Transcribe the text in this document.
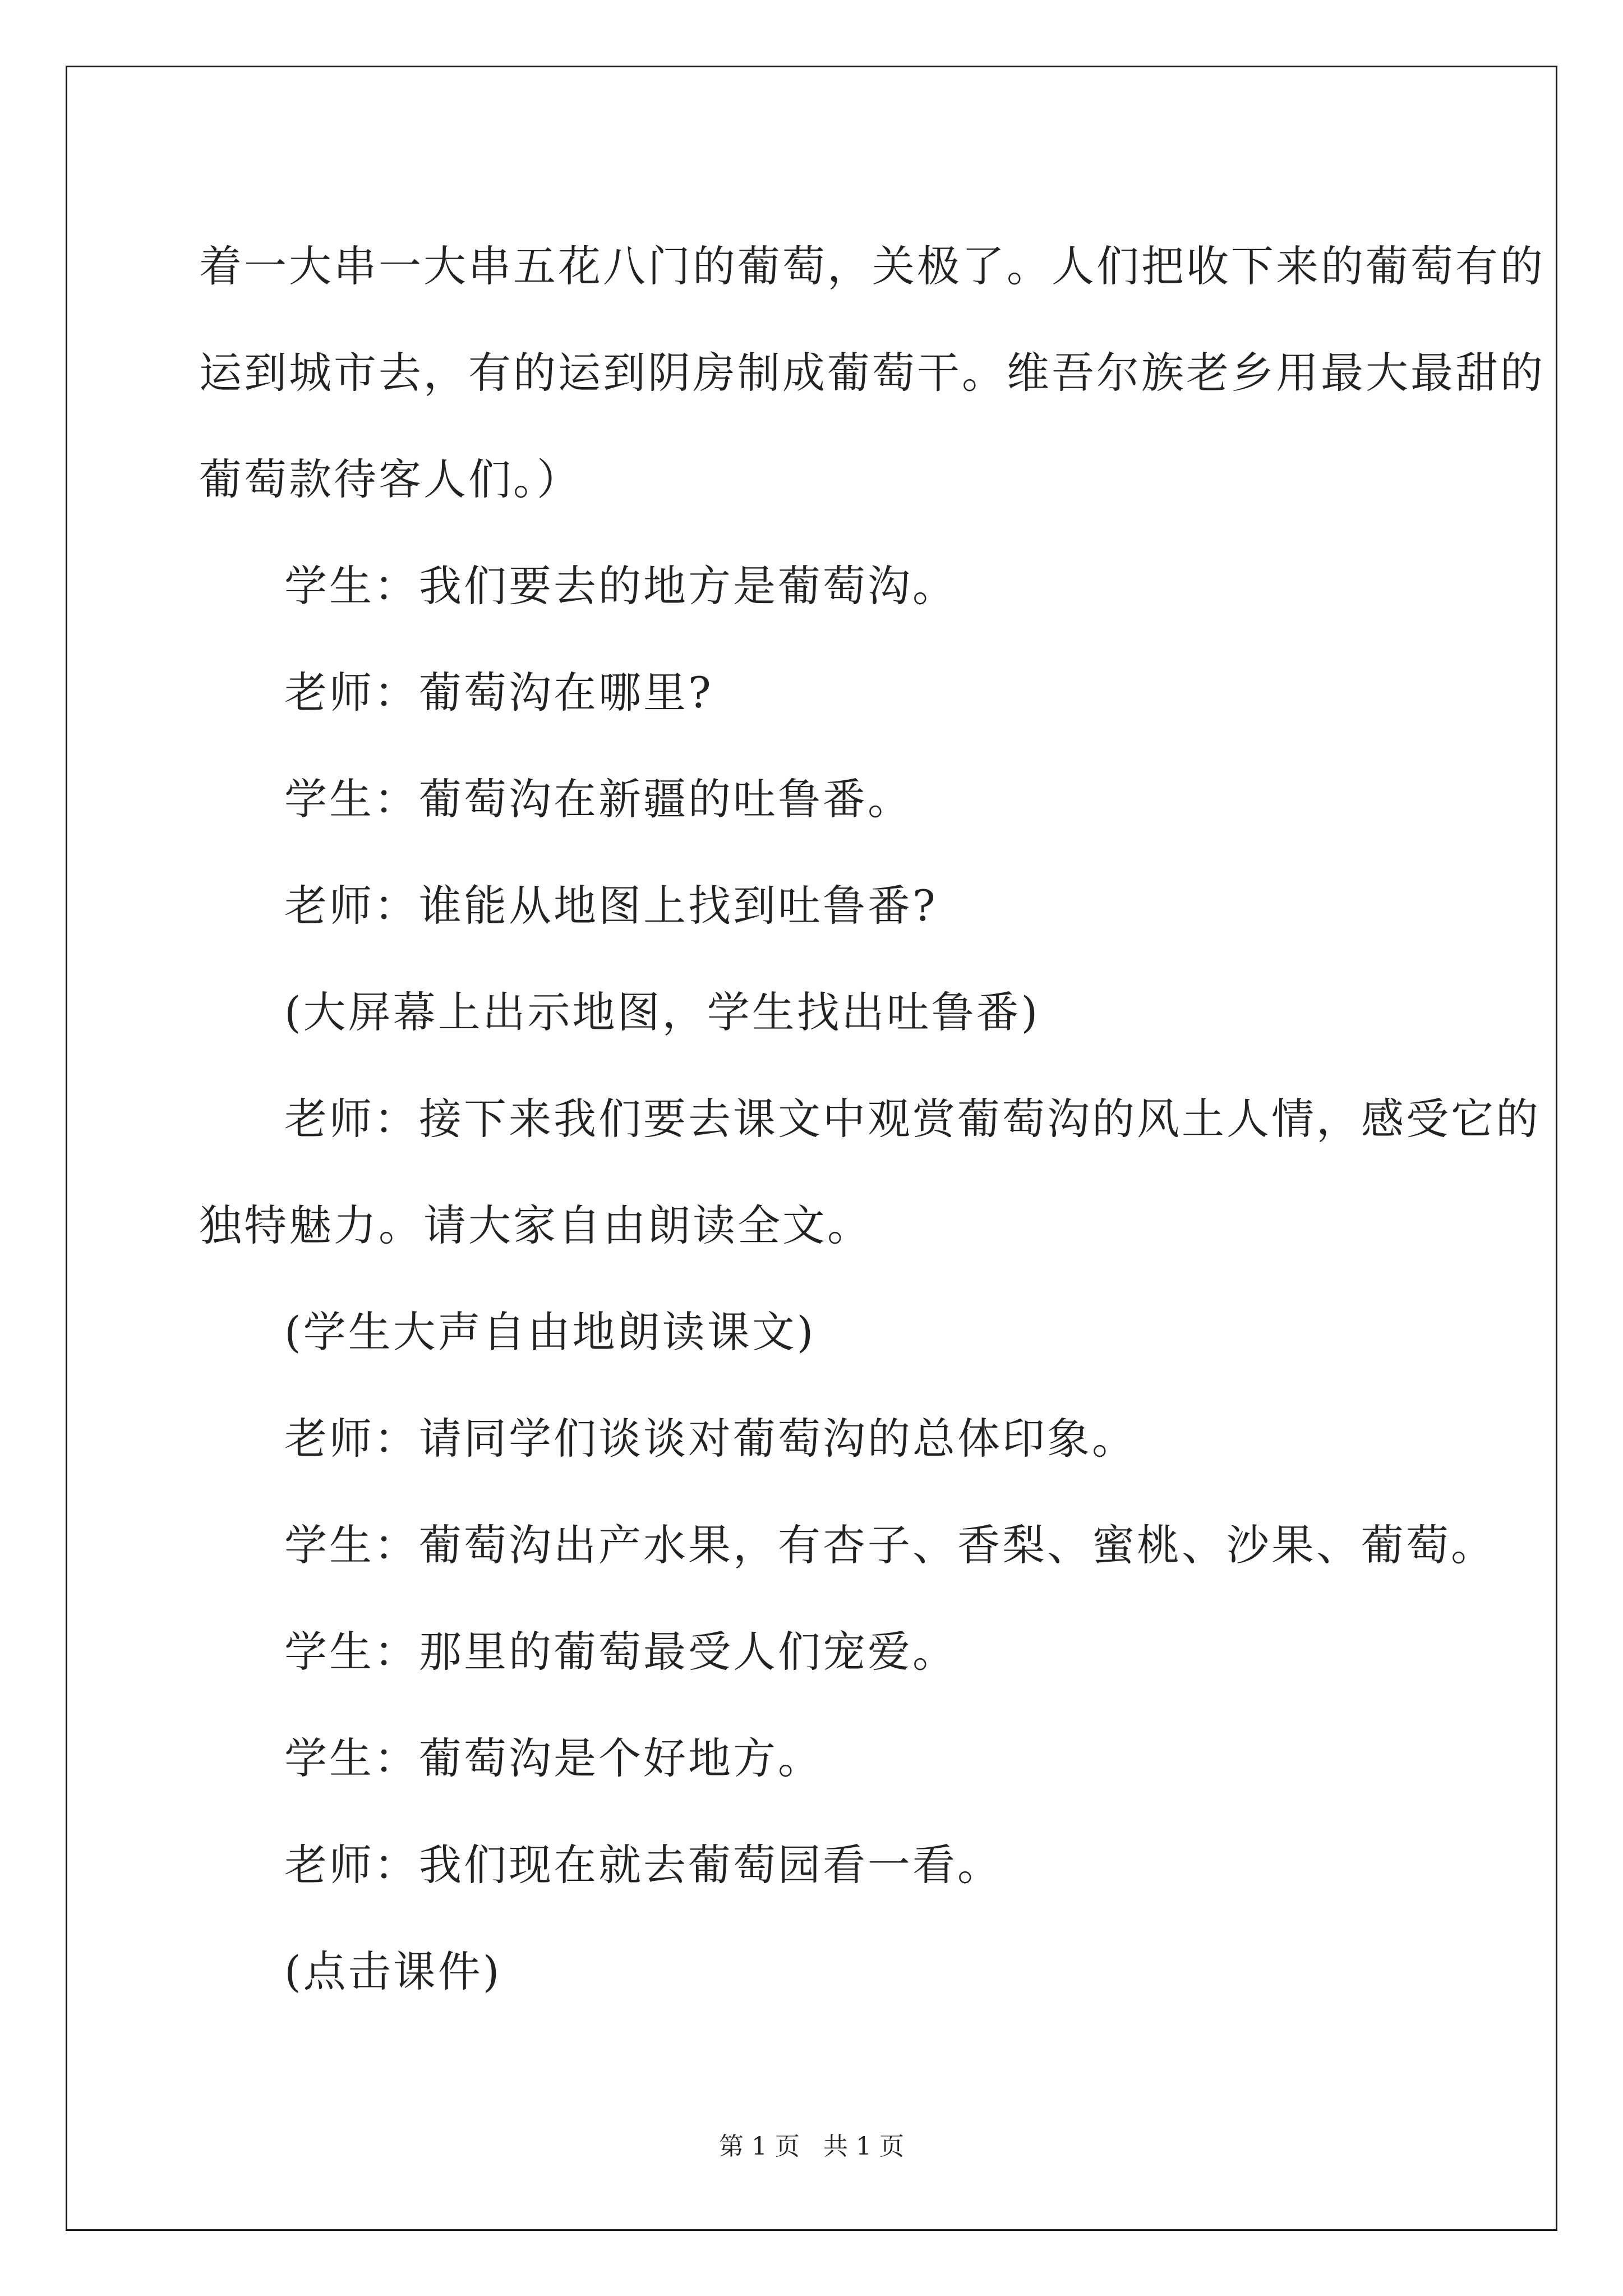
着一大串一大串五花八门的葡萄，关极了。人们把收下来的葡萄有的

运到城市去，有的运到阴房制成葡萄干。维吾尔族老乡用最大最甜的

葡萄款待客人们。）

学生：我们要去的地方是葡萄沟。

老师：葡萄沟在哪里?

学生：葡萄沟在新疆的吐鲁番。

老师：谁能从地图上找到吐鲁番?

(大屏幕上出示地图，学生找出吐鲁番)

老师：接下来我们要去课文中观赏葡萄沟的风土人情，感受它的

独特魅力。请大家自由朗读全文。

(学生大声自由地朗读课文)

老师：请同学们谈谈对葡萄沟的总体印象。

学生：葡萄沟出产水果，有杏子、香梨、蜜桃、沙果、葡萄。

学生：那里的葡萄最受人们宠爱。

学生：葡萄沟是个好地方。

老师：我们现在就去葡萄园看一看。

(点击课件)

第 1 页   共 1 页
